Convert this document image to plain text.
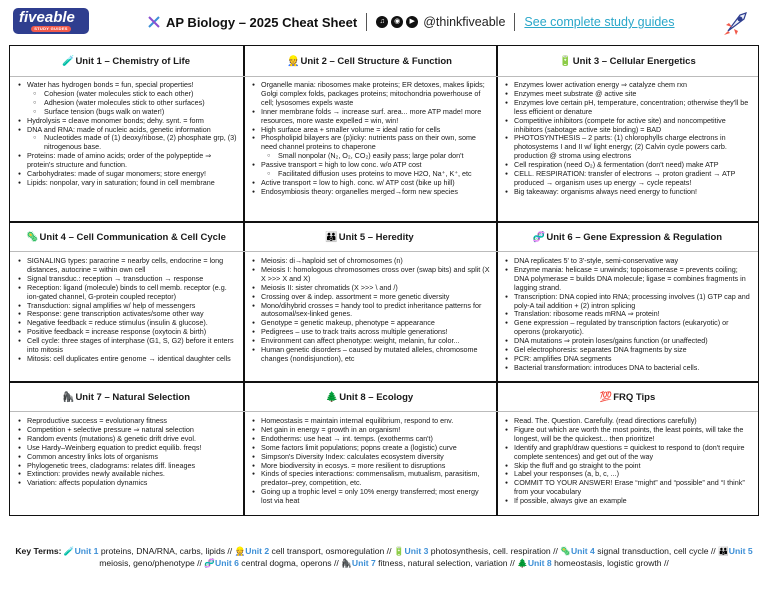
fiveable
STUDY GUIDES	AP Biology – 2025 Cheat Sheet	♫	◉	▶ @thinkfiveable See complete study guides
🧪 Unit 1 – Chemistry of Life
● Water has hydrogen bonds = fun, special properties!
○ Cohesion (water molecules stick to each other)
○ Adhesion (water molecules stick to other surfaces)
○ Surface tension (bugs walk on water!)
● Hydrolysis = cleave monomer bonds; dehy. synt. = form
● DNA and RNA: made of nucleic acids, genetic information
○ Nucleotides made of (1) deoxy/ribose, (2) phosphate grp, (3) nitrogenous base.
● Proteins: made of amino acids; order of the polypeptide ⇒ protein's structure and function.
● Carbohydrates: made of sugar monomers; store energy!
● Lipids: nonpolar, vary in saturation; found in cell membrane
👷 Unit 2 – Cell Structure & Function
● Organelle mania: ribosomes make proteins; ER detoxes, makes lipids; Golgi complex folds, packages proteins; mitochondria powerhouse of cell; lysosomes expels waste
● Inner membrane folds → increase surf. area... more ATP made! more resources, more waste expelled = win, win!
● High surface area + smaller volume = ideal ratio for cells
● Phospholipid bilayers are (p)icky: nutrients pass on their own, some need channel proteins to chaperone
○ Small nonpolar (N₂, O₂, CO₂) easily pass; large polar don't
● Passive transport = high to low conc. w/o ATP cost
○ Facilitated diffusion uses proteins to move H2O, Na⁺, K⁺, etc
● Active transport = low to high. conc. w/ ATP cost (bike up hill)
● Endosymbiosis theory: organelles merged→form new species
🔋 Unit 3 – Cellular Energetics
● Enzymes lower activation energy ⇒ catalyze chem rxn
● Enzymes meet substrate @ active site
● Enzymes love certain pH, temperature, concentration; otherwise they'll be less efficient or denature
● Competitive inhibitors (compete for active site) and noncompetitive inhibitors (sabotage active site binding) = BAD
● PHOTOSYNTHESIS – 2 parts: (1) chlorophylls charge electrons in photosystems I and II w/ light energy; (2) Calvin cycle powers carb. production @ stroma using electrons
● Cell respiration (need O₂) & fermentation (don't need) make ATP
● CELL. RESPIRATION: transfer of electrons → proton gradient → ATP produced → organism uses up energy → cycle repeats!
● Big takeaway: organisms always need energy to function!
🦠 Unit 4 – Cell Communication & Cell Cycle
● SIGNALING types: paracrine = nearby cells, endocrine = long distances, autocrine = within own cell
● Signal transduc.: reception → transduction → response
● Reception: ligand (molecule) binds to cell memb. receptor (e.g. ion-gated channel, G-protein coupled receptor)
● Transduction: signal amplifies w/ help of messengers
● Response: gene transcription activates/some other way
● Negative feedback = reduce stimulus (insulin & glucose).
● Positive feedback = increase response (oxytocin & birth)
● Cell cycle: three stages of interphase (G1, S, G2) before it enters into mitosis
● Mitosis: cell duplicates entire genome → identical daughter cells
👪 Unit 5 – Heredity
● Meiosis: di→haploid set of chromosomes (n)
● Meiosis I: homologous chromosomes cross over (swap bits) and split (X X >>> X and X)
● Meiosis II: sister chromatids (X >>> \ and /)
● Crossing over & indep. assortment = more genetic diversity
● Mono/dihybrid crosses = handy tool to predict inheritance patterns for autosomal/sex-linked genes.
● Genotype = genetic makeup, phenotype = appearance
● Pedigrees – use to track traits across multiple generations!
● Environment can affect phenotype: weight, melanin, fur color...
● Human genetic disorders – caused by mutated alleles, chromosome changes (nondisjunction), etc
🧬 Unit 6 – Gene Expression & Regulation
● DNA replicates 5' to 3'-style, semi-conservative way
● Enzyme mania: helicase = unwinds; topoisomerase = prevents coiling; DNA polymerase = builds DNA molecule; ligase = combines fragments in lagging strand.
● Transcription: DNA copied into RNA; processing involves (1) GTP cap and poly-A tail addition + (2) intron splicing
● Translation: ribosome reads mRNA ⇒ protein!
● Gene expression – regulated by transcription factors (eukaryotic) or operons (prokaryotic).
● DNA mutations ⇒ protein loses/gains function (or unaffected)
● Gel electrophoresis: separates DNA fragments by size
● PCR: amplifies DNA segments
● Bacterial transformation: introduces DNA to bacterial cells.
🦍 Unit 7 – Natural Selection
● Reproductive success = evolutionary fitness
● Competition + selective pressure ⇒ natural selection
● Random events (mutations) & genetic drift drive evol.
● Use Hardy–Weinberg equation to predict equilib. freqs!
● Common ancestry links lots of organisms
● Phylogenetic trees, cladograms: relates diff. lineages
● Extinction: provides newly available niches.
● Variation: affects population dynamics
🌲 Unit 8 – Ecology
● Homeostasis = maintain internal equilibrium, respond to env.
● Net gain in energy = growth in an organism!
● Endotherms: use heat → int. temps. (exotherms can't)
● Some factors limit populations; popns create a (logistic) curve
● Simpson's Diversity Index: calculates ecosystem diversity
● More biodiversity in ecosys. = more resilient to disruptions
● Kinds of species interactions: commensalism, mutualism, parasitism, predator–prey, competition, etc.
● Going up a trophic level = only 10% energy transferred; most energy lost via heat
💯 FRQ Tips
● Read. The. Question. Carefully. (read directions carefully)
● Figure out which are worth the most points, the least points, will take the longest, will be the quickest... then prioritize!
● Identify and graph/draw questions = quickest to respond to (don't require complete sentences) and get out of the way
● Skip the fluff and go straight to the point
● Label your responses (a, b, c, ...)
● COMMIT TO YOUR ANSWER! Erase “might” and “possible” and “I think” from your vocabulary
● If possible, always give an example
Key Terms: 🧪Unit 1 proteins, DNA/RNA, carbs, lipids // 👷Unit 2 cell transport, osmoregulation // 🔋Unit 3 photosynthesis, cell. respiration // 🦠Unit 4 signal transduction, cell cycle // 👪Unit 5 meiosis, geno/phenotype // 🧬Unit 6 central dogma, operons // 🦍Unit 7 fitness, natural selection, variation // 🌲Unit 8 homeostasis, logistic growth //
